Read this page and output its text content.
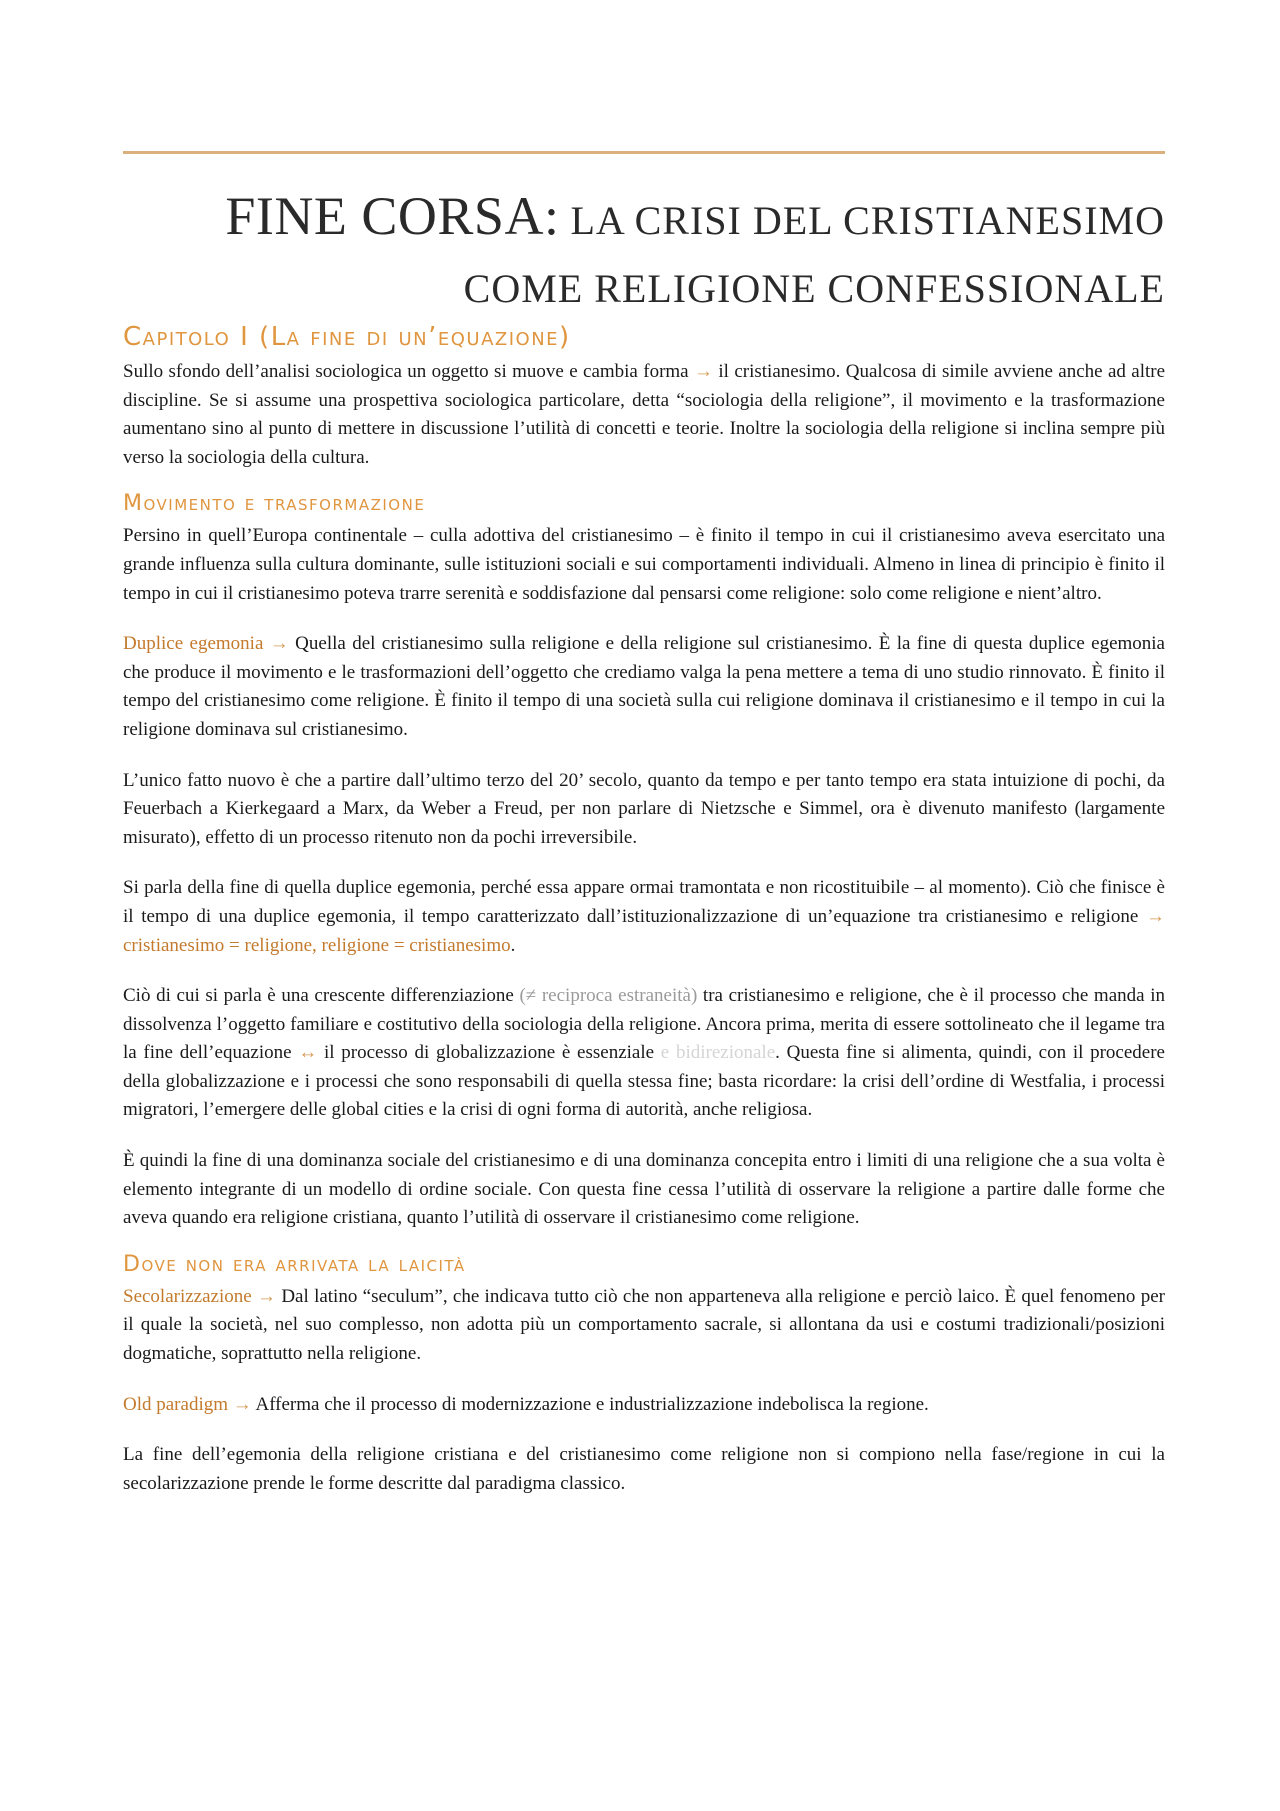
FINE CORSA: LA CRISI DEL CRISTIANESIMO
COME RELIGIONE CONFESSIONALE
Capitolo I (La fine di un’equazione)

Sullo sfondo dell’analisi sociologica un oggetto si muove e cambia forma → il cristianesimo. Qualcosa di simile avviene anche ad altre discipline. Se si assume una prospettiva sociologica particolare, detta “sociologia della religione”, il movimento e la trasformazione aumentano sino al punto di mettere in discussione l’utilità di concetti e teorie. Inoltre la sociologia della religione si inclina sempre più verso la sociologia della cultura.

Movimento e trasformazione

Persino in quell’Europa continentale – culla adottiva del cristianesimo – è finito il tempo in cui il cristianesimo aveva esercitato una grande influenza sulla cultura dominante, sulle istituzioni sociali e sui comportamenti individuali. Almeno in linea di principio è finito il tempo in cui il cristianesimo poteva trarre serenità e soddisfazione dal pensarsi come religione: solo come religione e nient’altro.

Duplice egemonia → Quella del cristianesimo sulla religione e della religione sul cristianesimo. È la fine di questa duplice egemonia che produce il movimento e le trasformazioni dell’oggetto che crediamo valga la pena mettere a tema di uno studio rinnovato. È finito il tempo del cristianesimo come religione. È finito il tempo di una società sulla cui religione dominava il cristianesimo e il tempo in cui la religione dominava sul cristianesimo.

L’unico fatto nuovo è che a partire dall’ultimo terzo del 20’ secolo, quanto da tempo e per tanto tempo era stata intuizione di pochi, da Feuerbach a Kierkegaard a Marx, da Weber a Freud, per non parlare di Nietzsche e Simmel, ora è divenuto manifesto (largamente misurato), effetto di un processo ritenuto non da pochi irreversibile.

Si parla della fine di quella duplice egemonia, perché essa appare ormai tramontata e non ricostituibile – al momento). Ciò che finisce è il tempo di una duplice egemonia, il tempo caratterizzato dall’istituzionalizzazione di un’equazione tra cristianesimo e religione → cristianesimo = religione, religione = cristianesimo.

Ciò di cui si parla è una crescente differenziazione (≠ reciproca estraneità) tra cristianesimo e religione, che è il processo che manda in dissolvenza l’oggetto familiare e costitutivo della sociologia della religione. Ancora prima, merita di essere sottolineato che il legame tra la fine dell’equazione ↔ il processo di globalizzazione è essenziale e bidirezionale. Questa fine si alimenta, quindi, con il procedere della globalizzazione e i processi che sono responsabili di quella stessa fine; basta ricordare: la crisi dell’ordine di Westfalia, i processi migratori, l’emergere delle global cities e la crisi di ogni forma di autorità, anche religiosa.

È quindi la fine di una dominanza sociale del cristianesimo e di una dominanza concepita entro i limiti di una religione che a sua volta è elemento integrante di un modello di ordine sociale. Con questa fine cessa l’utilità di osservare la religione a partire dalle forme che aveva quando era religione cristiana, quanto l’utilità di osservare il cristianesimo come religione.

Dove non era arrivata la laicità

Secolarizzazione → Dal latino “seculum”, che indicava tutto ciò che non apparteneva alla religione e perciò laico. È quel fenomeno per il quale la società, nel suo complesso, non adotta più un comportamento sacrale, si allontana da usi e costumi tradizionali/posizioni dogmatiche, soprattutto nella religione.

Old paradigm → Afferma che il processo di modernizzazione e industrializzazione indebolisca la regione.

La fine dell’egemonia della religione cristiana e del cristianesimo come religione non si compiono nella fase/regione in cui la secolarizzazione prende le forme descritte dal paradigma classico.
